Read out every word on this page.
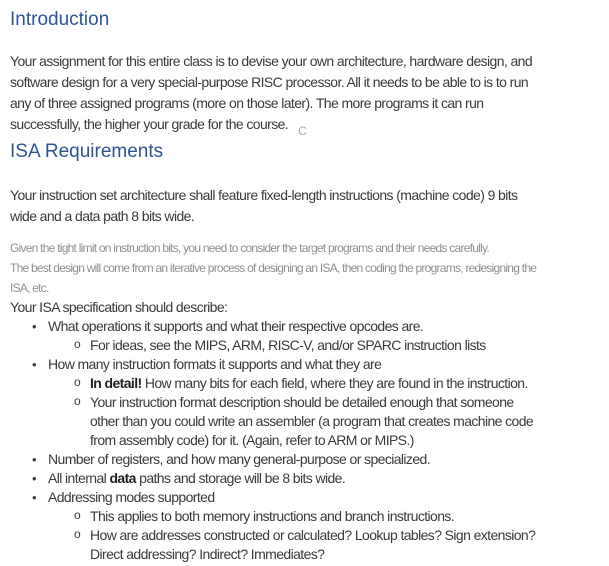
Introduction
Your assignment for this entire class is to devise your own architecture, hardware design, and
software design for a very special-purpose RISC processor. All it needs to be able to is to run
any of three assigned programs (more on those later). The more programs it can run
successfully, the higher your grade for the course. C
ISA Requirements
Your instruction set architecture shall feature fixed-length instructions (machine code) 9 bits
wide and a data path 8 bits wide.
Given the tight limit on instruction bits, you need to consider the target programs and their needs carefully.
The best design will come from an iterative process of designing an ISA, then coding the programs, redesigning the
ISA, etc.
Your ISA specification should describe:
• What operations it supports and what their respective opcodes are.
o For ideas, see the MIPS, ARM, RISC-V, and/or SPARC instruction lists
• How many instruction formats it supports and what they are
o In detail! How many bits for each field, where they are found in the instruction.
o Your instruction format description should be detailed enough that someone
other than you could write an assembler (a program that creates machine code
from assembly code) for it. (Again, refer to ARM or MIPS.)
• Number of registers, and how many general-purpose or specialized.
• All internal data paths and storage will be 8 bits wide.
• Addressing modes supported
o This applies to both memory instructions and branch instructions.
o How are addresses constructed or calculated? Lookup tables? Sign extension?
Direct addressing? Indirect? Immediates?
